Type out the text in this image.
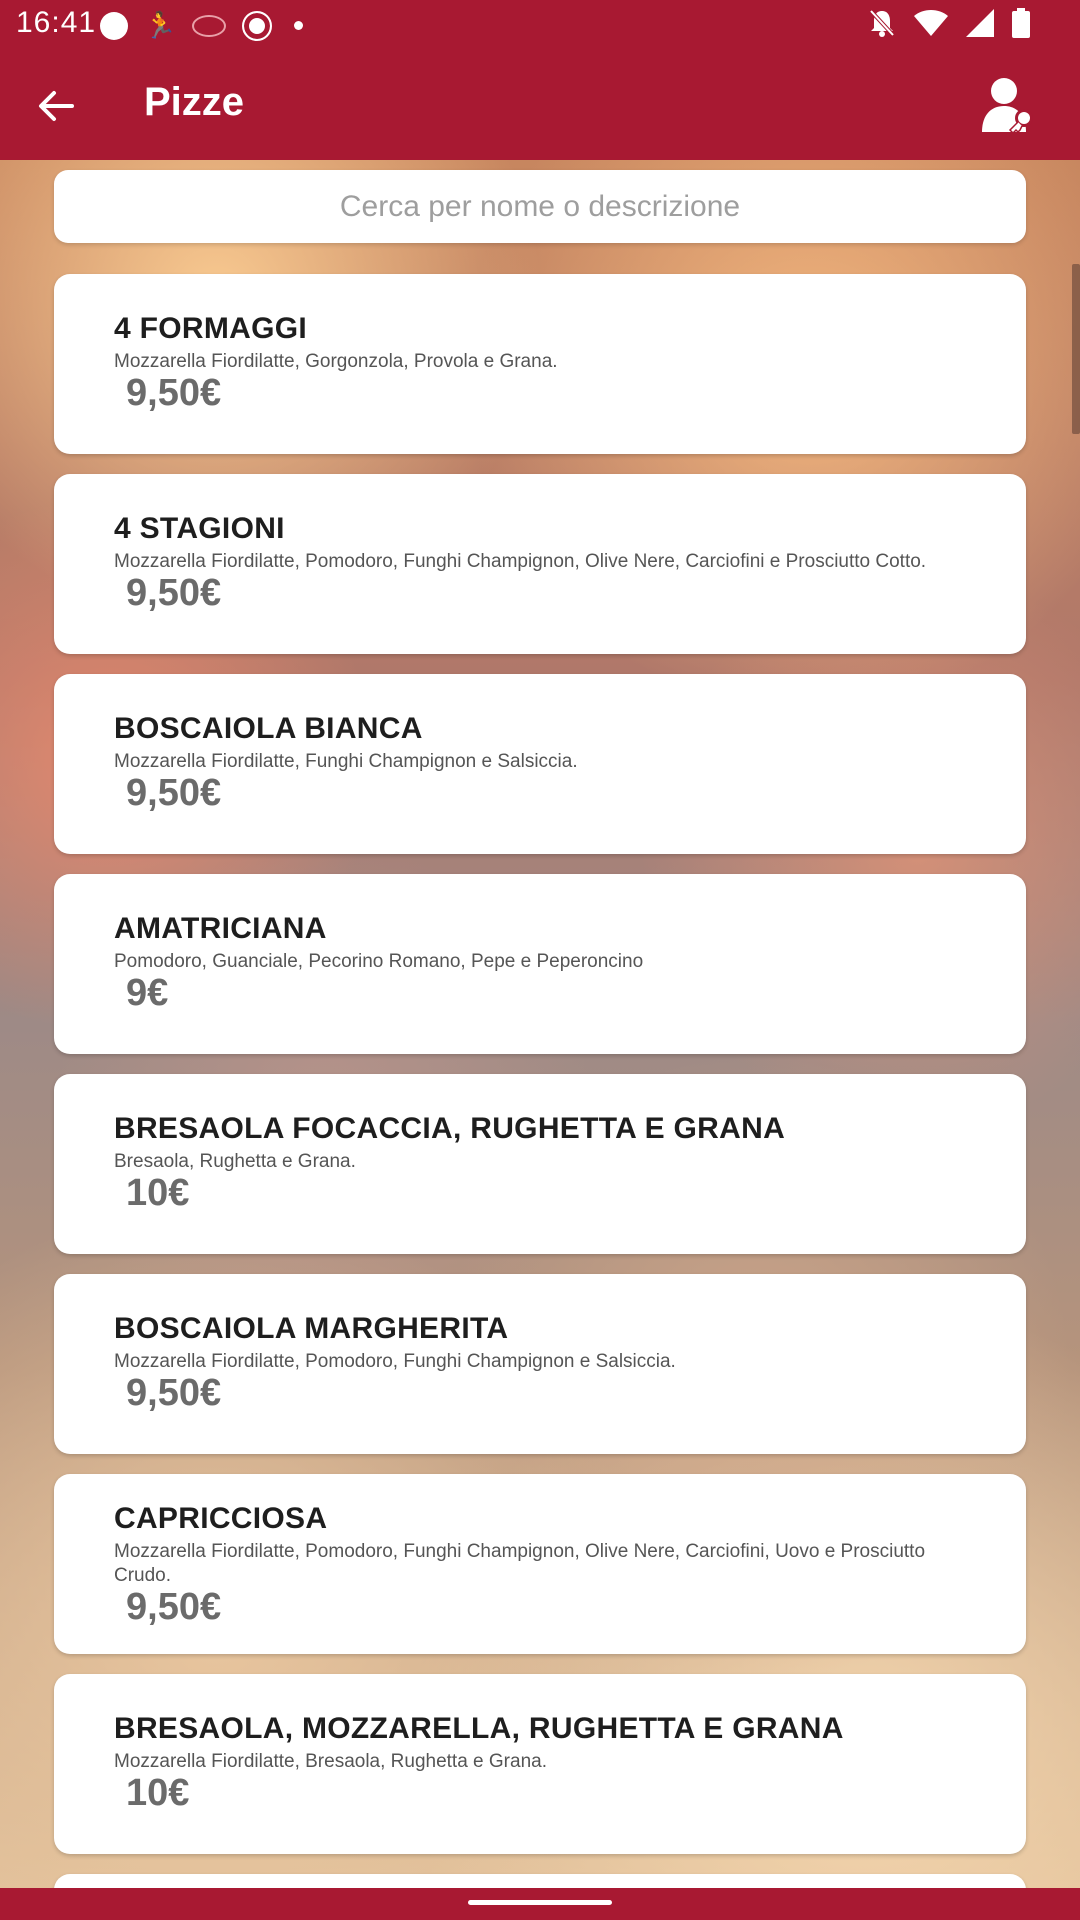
16:41 🏃
Pizze
Cerca per nome o descrizione
4 FORMAGGI
Mozzarella Fiordilatte, Gorgonzola, Provola e Grana.
9,50€
4 STAGIONI
Mozzarella Fiordilatte, Pomodoro, Funghi Champignon, Olive Nere, Carciofini e Prosciutto Cotto.
9,50€
BOSCAIOLA BIANCA
Mozzarella Fiordilatte, Funghi Champignon e Salsiccia.
9,50€
AMATRICIANA
Pomodoro, Guanciale, Pecorino Romano, Pepe e Peperoncino
9€
BRESAOLA FOCACCIA, RUGHETTA E GRANA
Bresaola, Rughetta e Grana.
10€
BOSCAIOLA MARGHERITA
Mozzarella Fiordilatte, Pomodoro, Funghi Champignon e Salsiccia.
9,50€
CAPRICCIOSA
Mozzarella Fiordilatte, Pomodoro, Funghi Champignon, Olive Nere, Carciofini, Uovo e Prosciutto Crudo.
9,50€
BRESAOLA, MOZZARELLA, RUGHETTA E GRANA
Mozzarella Fiordilatte, Bresaola, Rughetta e Grana.
10€
